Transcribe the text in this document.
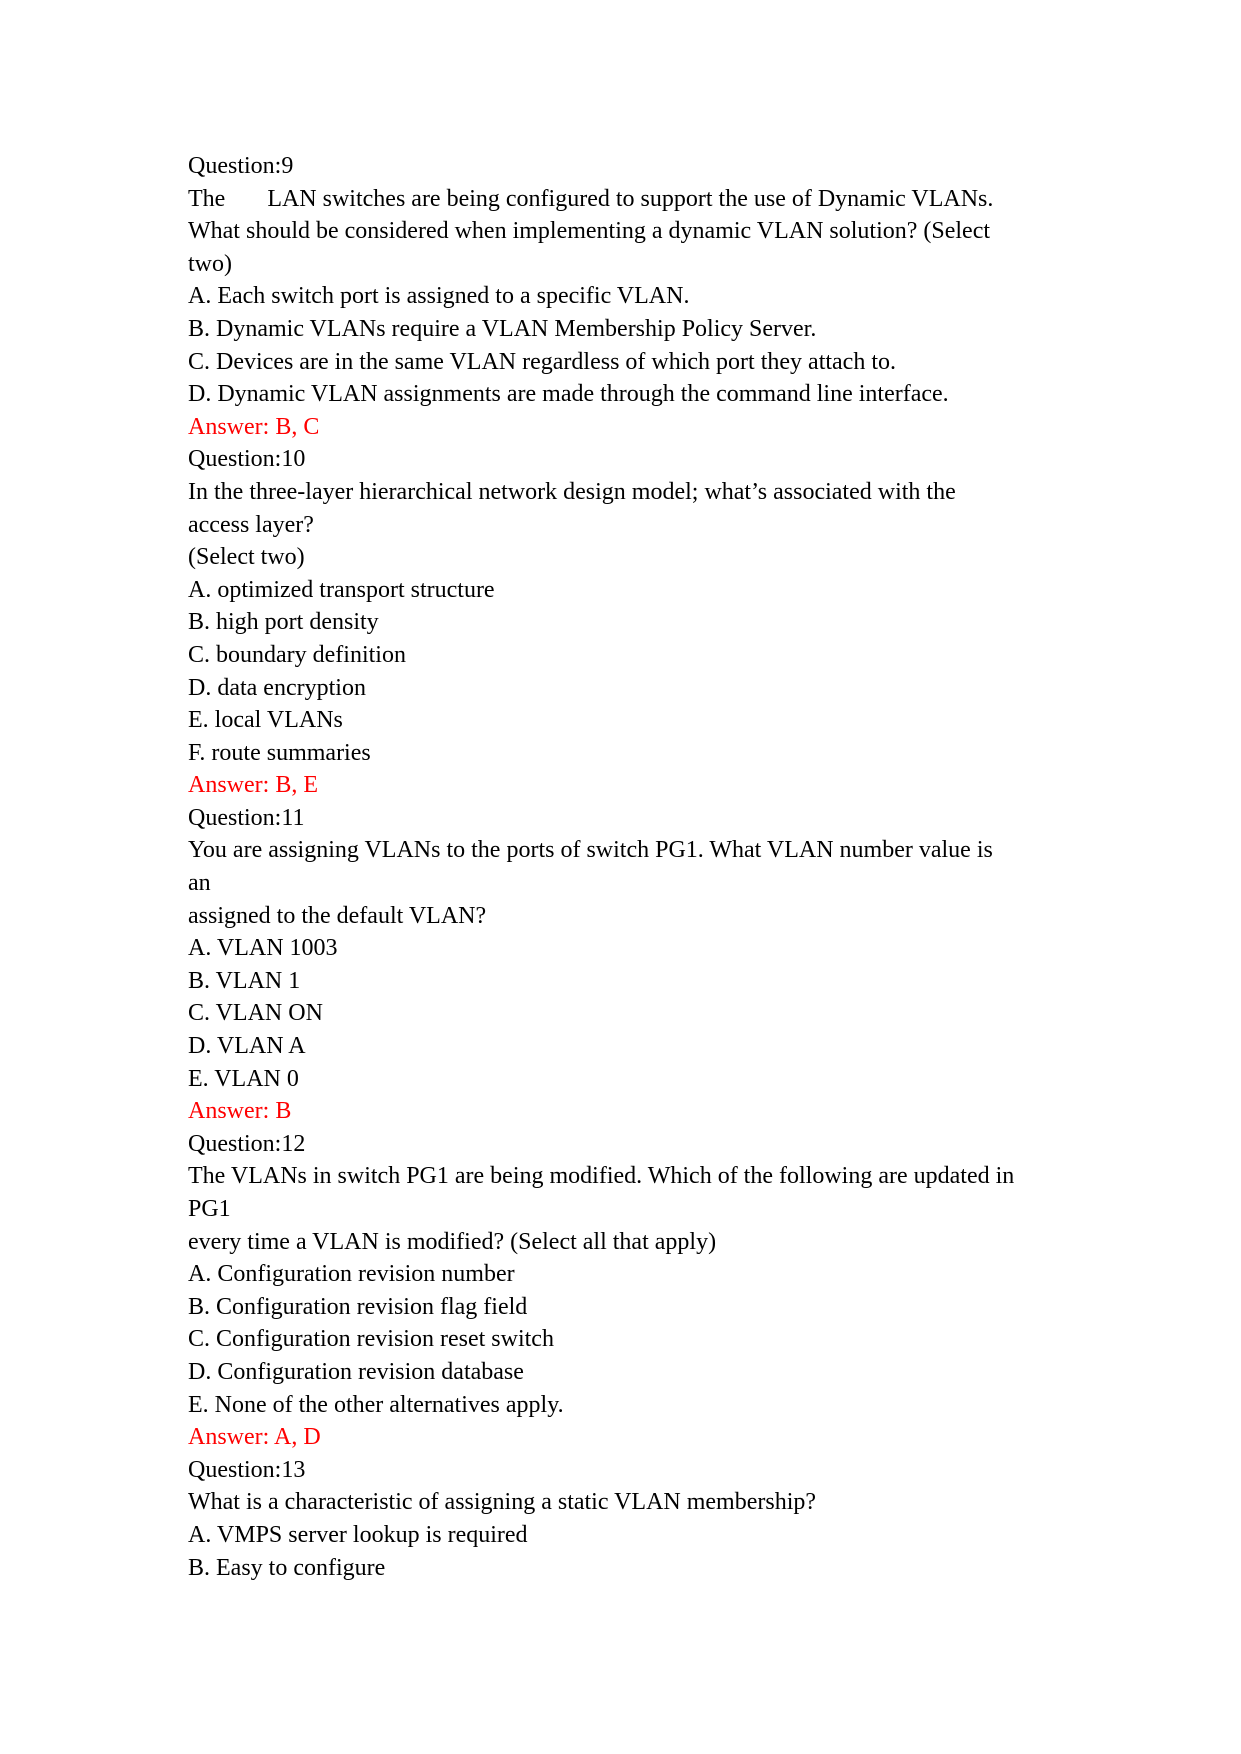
Question:9
The       LAN switches are being configured to support the use of Dynamic VLANs.
What should be considered when implementing a dynamic VLAN solution? (Select
two)
A. Each switch port is assigned to a specific VLAN.
B. Dynamic VLANs require a VLAN Membership Policy Server.
C. Devices are in the same VLAN regardless of which port they attach to.
D. Dynamic VLAN assignments are made through the command line interface.
Answer: B, C
Question:10
In the three-layer hierarchical network design model; what’s associated with the
access layer?
(Select two)
A. optimized transport structure
B. high port density
C. boundary definition
D. data encryption
E. local VLANs
F. route summaries
Answer: B, E
Question:11
You are assigning VLANs to the ports of switch PG1. What VLAN number value is
an
assigned to the default VLAN?
A. VLAN 1003
B. VLAN 1
C. VLAN ON
D. VLAN A
E. VLAN 0
Answer: B
Question:12
The VLANs in switch PG1 are being modified. Which of the following are updated in
PG1
every time a VLAN is modified? (Select all that apply)
A. Configuration revision number
B. Configuration revision flag field
C. Configuration revision reset switch
D. Configuration revision database
E. None of the other alternatives apply.
Answer: A, D
Question:13
What is a characteristic of assigning a static VLAN membership?
A. VMPS server lookup is required
B. Easy to configure
